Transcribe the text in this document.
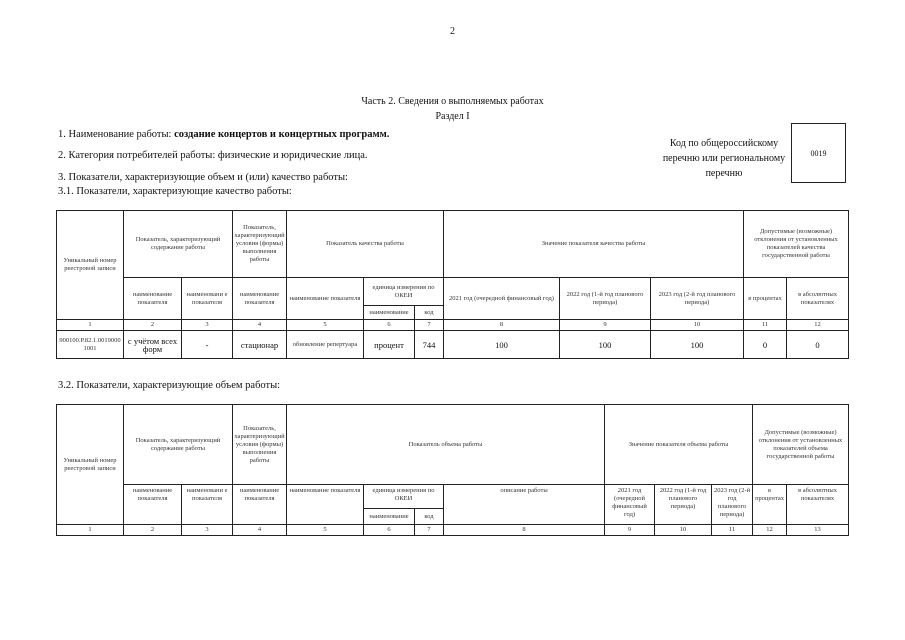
2
Часть 2. Сведения о выполняемых работах
Раздел I
1. Наименование работы: создание концертов и концертных программ.
2. Категория потребителей работы: физические и юридические лица.
3. Показатели, характеризующие объем и (или) качество работы:
3.1. Показатели, характеризующие качество работы:
Код по общероссийскому перечню или региональному перечню
0019
Уникальный номер реестровой записи	Показатель, характеризующий содержание работы		Показатель, характеризующий условия (формы) выполнения работы	Показатель качества работы			Значение показателя качества работы			Допустимые (возможные) отклонения от установленных показателей качества государственной работы	
	наименование показателя	наименовани е показателя	наименование показателя	наименование показателя	единица измерения по ОКЕИ		2021 год (очередной финансовый год)	2022 год (1-й год планового периода)	2023 год (2-й год планового периода)	в процентах	в абсолютных показателях
					наименование	код					
1	2	3	4	5	6	7	8	9	10	11	12
900100.Р.82.1.00190001001	с учётом всех форм	-	стационар	обновление репертуара	процент	744	100	100	100	0	0
3.2. Показатели, характеризующие объем работы:
Уникальный номер реестровой записи	Показатель, характеризующий содержание работы		Показатель, характеризующий условия (формы) выполнения работы	Показатель объема работы				Значение показателя объема работы			Допустимые (возможные) отклонения от установленных показателей объема государственной работы	
	наименование показателя	наименовани е показателя	наименование показателя	наименование показателя	единица измерения по ОКЕИ		описание работы	2021 год (очередной финансовый год)	2022 год (1-й год планового периода)	2023 год (2-й год планового периода)	в процентах	в абсолютных показателях
					наименование	код						
1	2	3	4	5	6	7	8	9	10	11	12	13
